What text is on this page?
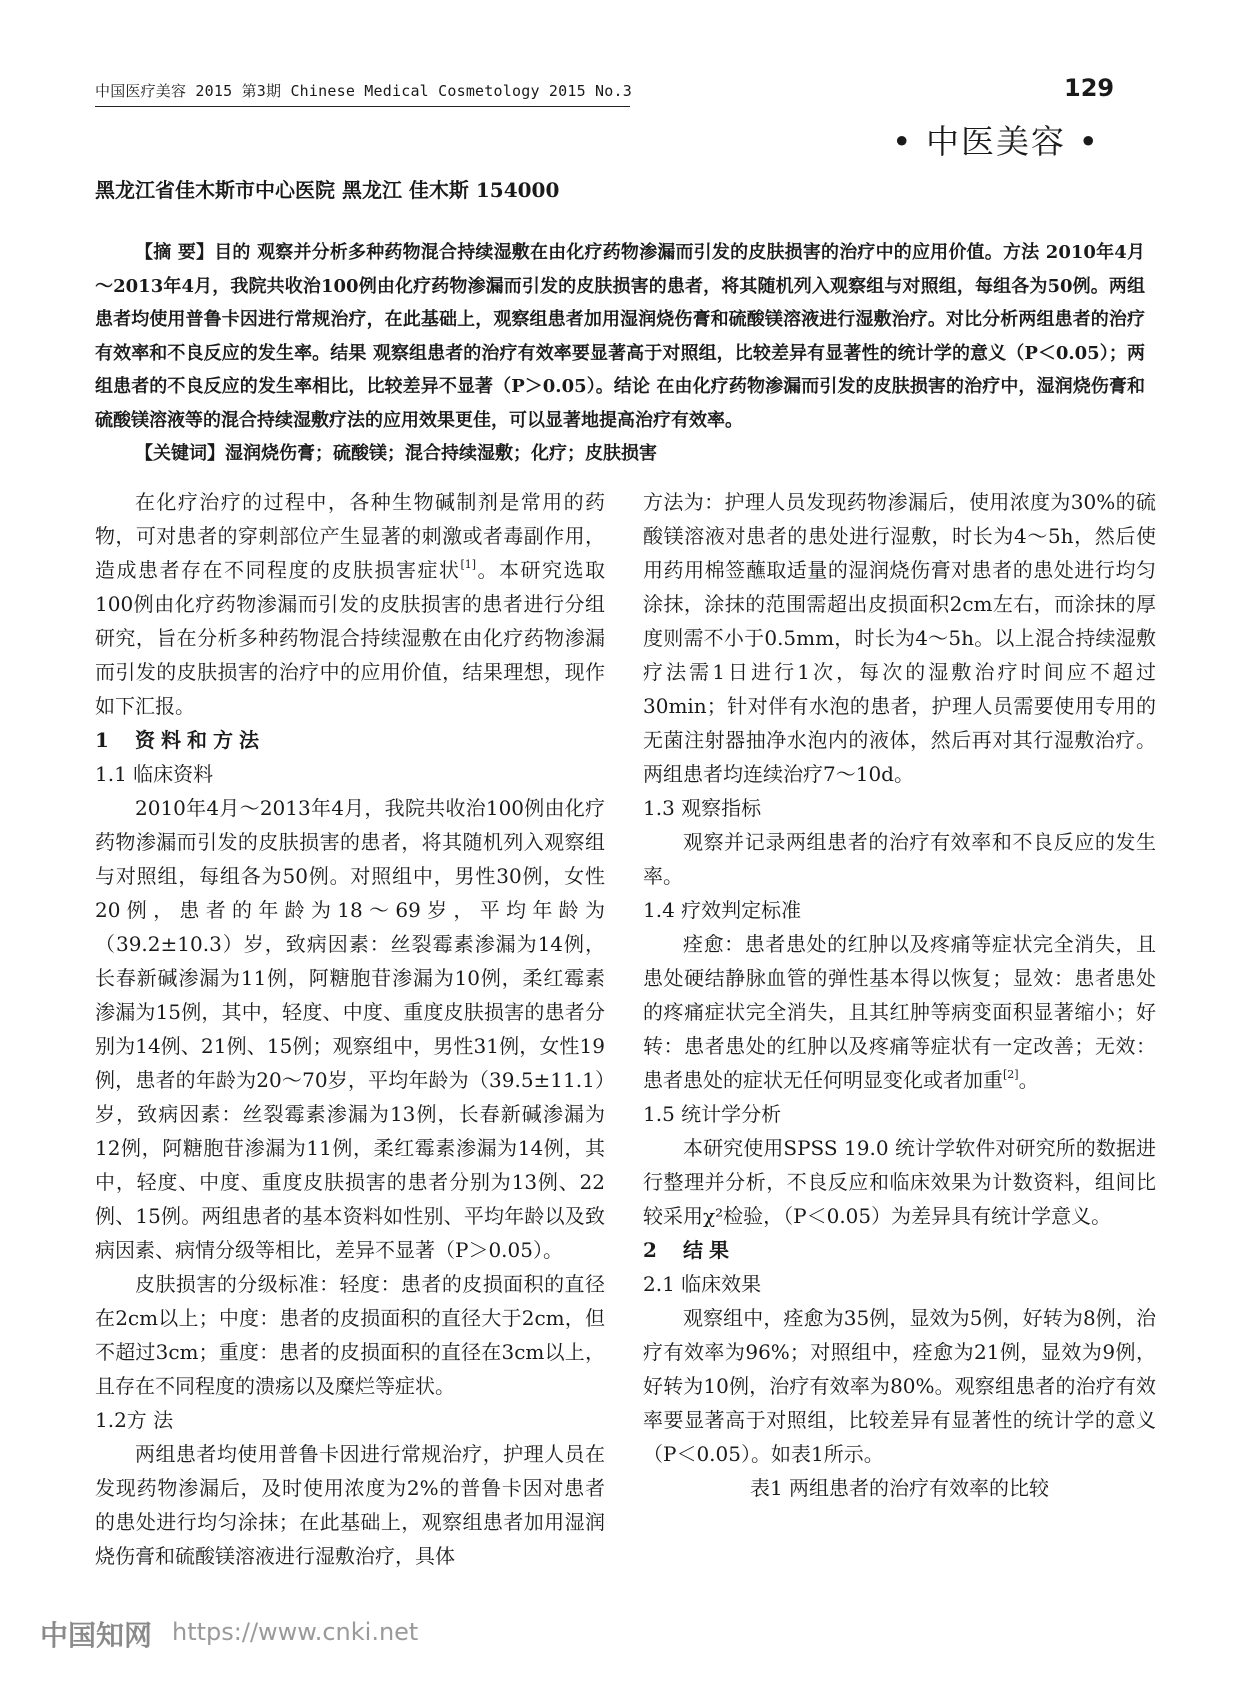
中国医疗美容 2015 第3期 Chinese Medical Cosmetology 2015 No.3	129
• 中医美容 •
黑龙江省佳木斯市中心医院 黑龙江 佳木斯 154000

【摘 要】目的 观察并分析多种药物混合持续湿敷在由化疗药物渗漏而引发的皮肤损害的治疗中的应用价值。方法 2010年4月～2013年4月，我院共收治100例由化疗药物渗漏而引发的皮肤损害的患者，将其随机列入观察组与对照组，每组各为50例。两组患者均使用普鲁卡因进行常规治疗，在此基础上，观察组患者加用湿润烧伤膏和硫酸镁溶液进行湿敷治疗。对比分析两组患者的治疗有效率和不良反应的发生率。结果 观察组患者的治疗有效率要显著高于对照组，比较差异有显著性的统计学的意义（P＜0.05）；两组患者的不良反应的发生率相比，比较差异不显著（P＞0.05）。结论 在由化疗药物渗漏而引发的皮肤损害的治疗中，湿润烧伤膏和硫酸镁溶液等的混合持续湿敷疗法的应用效果更佳，可以显著地提高治疗有效率。

【关键词】湿润烧伤膏；硫酸镁；混合持续湿敷；化疗；皮肤损害

在化疗治疗的过程中，各种生物碱制剂是常用的药物，可对患者的穿刺部位产生显著的刺激或者毒副作用，造成患者存在不同程度的皮肤损害症状[1]。本研究选取100例由化疗药物渗漏而引发的皮肤损害的患者进行分组研究，旨在分析多种药物混合持续湿敷在由化疗药物渗漏而引发的皮肤损害的治疗中的应用价值，结果理想，现作如下汇报。

1 资料和方法

1.1 临床资料

2010年4月～2013年4月，我院共收治100例由化疗药物渗漏而引发的皮肤损害的患者，将其随机列入观察组与对照组，每组各为50例。对照组中，男性30例，女性20例，患者的年龄为18～69岁，平均年龄为（39.2±10.3）岁，致病因素：丝裂霉素渗漏为14例，长春新碱渗漏为11例，阿糖胞苷渗漏为10例，柔红霉素渗漏为15例，其中，轻度、中度、重度皮肤损害的患者分别为14例、21例、15例；观察组中，男性31例，女性19例，患者的年龄为20～70岁，平均年龄为（39.5±11.1）岁，致病因素：丝裂霉素渗漏为13例，长春新碱渗漏为12例，阿糖胞苷渗漏为11例，柔红霉素渗漏为14例，其中，轻度、中度、重度皮肤损害的患者分别为13例、22例、15例。两组患者的基本资料如性别、平均年龄以及致病因素、病情分级等相比，差异不显著（P＞0.05）。

皮肤损害的分级标准：轻度：患者的皮损面积的直径在2cm以上；中度：患者的皮损面积的直径大于2cm，但不超过3cm；重度：患者的皮损面积的直径在3cm以上，且存在不同程度的溃疡以及糜烂等症状。

1.2方 法

两组患者均使用普鲁卡因进行常规治疗，护理人员在发现药物渗漏后，及时使用浓度为2%的普鲁卡因对患者的患处进行均匀涂抹；在此基础上，观察组患者加用湿润烧伤膏和硫酸镁溶液进行湿敷治疗，具体

方法为：护理人员发现药物渗漏后，使用浓度为30%的硫酸镁溶液对患者的患处进行湿敷，时长为4～5h，然后使用药用棉签蘸取适量的湿润烧伤膏对患者的患处进行均匀涂抹，涂抹的范围需超出皮损面积2cm左右，而涂抹的厚度则需不小于0.5mm，时长为4～5h。以上混合持续湿敷疗法需1日进行1次，每次的湿敷治疗时间应不超过30min；针对伴有水泡的患者，护理人员需要使用专用的无菌注射器抽净水泡内的液体，然后再对其行湿敷治疗。两组患者均连续治疗7～10d。

1.3 观察指标

观察并记录两组患者的治疗有效率和不良反应的发生率。

1.4 疗效判定标准

痊愈：患者患处的红肿以及疼痛等症状完全消失，且患处硬结静脉血管的弹性基本得以恢复；显效：患者患处的疼痛症状完全消失，且其红肿等病变面积显著缩小；好转：患者患处的红肿以及疼痛等症状有一定改善；无效：患者患处的症状无任何明显变化或者加重[2]。

1.5 统计学分析

本研究使用SPSS 19.0 统计学软件对研究所的数据进行整理并分析，不良反应和临床效果为计数资料，组间比较采用χ²检验，（P＜0.05）为差异具有统计学意义。

2 结果

2.1 临床效果

观察组中，痊愈为35例，显效为5例，好转为8例，治疗有效率为96%；对照组中，痊愈为21例，显效为9例，好转为10例，治疗有效率为80%。观察组患者的治疗有效率要显著高于对照组，比较差异有显著性的统计学的意义（P＜0.05）。如表1所示。

表1 两组患者的治疗有效率的比较

中国知网 https://www.cnki.net
